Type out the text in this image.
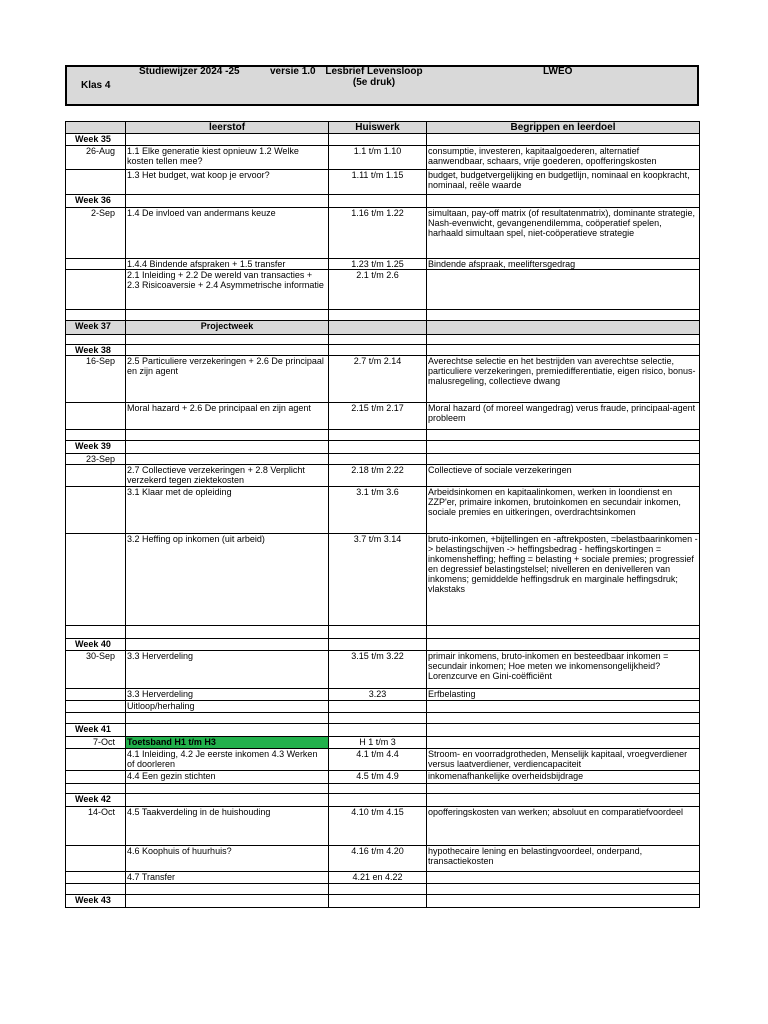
Studiewijzer 2024 -25	versie 1.0 Lesbrief Levensloop
(5e druk)
LWEO
Klas 4
	leerstof	Huiswerk	Begrippen en leerdoel
Week 35			
26-Aug	1.1 Elke generatie kiest opnieuw 1.2 Welke kosten tellen mee?	1.1 t/m 1.10	consumptie, investeren, kapitaalgoederen, alternatief aanwendbaar, schaars, vrije goederen, opofferingskosten
	1.3 Het budget, wat koop je ervoor?	1.11 t/m 1.15	budget, budgetvergelijking en budgetlijn, nominaal en koopkracht, nominaal, reële waarde
Week 36			
2-Sep	1.4 De invloed van andermans keuze	1.16 t/m 1.22	simultaan, pay-off matrix (of resultatenmatrix), dominante strategie, Nash-evenwicht, gevangenendilemma, coöperatief spelen, harhaald simultaan spel, niet-coöperatieve strategie
	1.4.4 Bindende afspraken + 1.5 transfer	1.23 t/m 1.25	Bindende afspraak, meeliftersgedrag
	2.1 Inleiding + 2.2 De wereld van transacties + 2.3 Risicoaversie + 2.4 Asymmetrische informatie	2.1 t/m 2.6	

Week 37	Projectweek		

Week 38			
16-Sep	2.5 Particuliere verzekeringen + 2.6 De principaal en zijn agent	2.7 t/m 2.14	Averechtse selectie en het bestrijden van averechtse selectie, particuliere verzekeringen, premiedifferentiatie, eigen risico, bonus-malusregeling, collectieve dwang
	Moral hazard + 2.6 De principaal en zijn agent	2.15 t/m 2.17	Moral hazard (of moreel wangedrag) verus fraude, principaal-agent probleem

Week 39			
23-Sep			
	2.7 Collectieve verzekeringen + 2.8 Verplicht verzekerd tegen ziektekosten	2.18 t/m 2.22	Collectieve of sociale verzekeringen
	3.1 Klaar met de opleiding	3.1 t/m 3.6	Arbeidsinkomen en kapitaalinkomen, werken in loondienst en ZZP'er, primaire inkomen, brutoinkomen en secundair inkomen, sociale premies en uitkeringen, overdrachtsinkomen
	3.2 Heffing op inkomen (uit arbeid)	3.7 t/m 3.14	bruto-inkomen, +bijtellingen en -aftrekposten, =belastbaarinkomen -> belastingschijven -> heffingsbedrag - heffingskortingen = inkomensheffing; heffing = belasting + sociale premies; progressief en degressief belastingstelsel; nivelleren en denivelleren van inkomens; gemiddelde heffingsdruk en marginale heffingsdruk; vlakstaks

Week 40			
30-Sep	3.3 Herverdeling	3.15 t/m 3.22	primair inkomens, bruto-inkomen en besteedbaar inkomen = secundair inkomen; Hoe meten we inkomensongelijkheid? Lorenzcurve en Gini-coëfficiënt
	3.3 Herverdeling	3.23	Erfbelasting
	Uitloop/herhaling		

Week 41			
7-Oct	Toetsband H1 t/m H3	H 1 t/m 3	
	4.1 Inleiding, 4.2 Je eerste inkomen 4.3 Werken of doorleren	4.1 t/m 4.4	Stroom- en voorradgrotheden, Menselijk kapitaal, vroegverdiener versus laatverdiener, verdiencapaciteit
	4.4 Een gezin stichten	4.5 t/m 4.9	inkomenafhankelijke overheidsbijdrage

Week 42			
14-Oct	4.5 Taakverdeling in de huishouding	4.10 t/m 4.15	opofferingskosten van werken; absoluut en comparatiefvoordeel
	4.6 Koophuis of huurhuis?	4.16 t/m 4.20	hypothecaire lening en belastingvoordeel, onderpand, transactiekosten
	4.7 Transfer	4.21 en 4.22	

Week 43			
